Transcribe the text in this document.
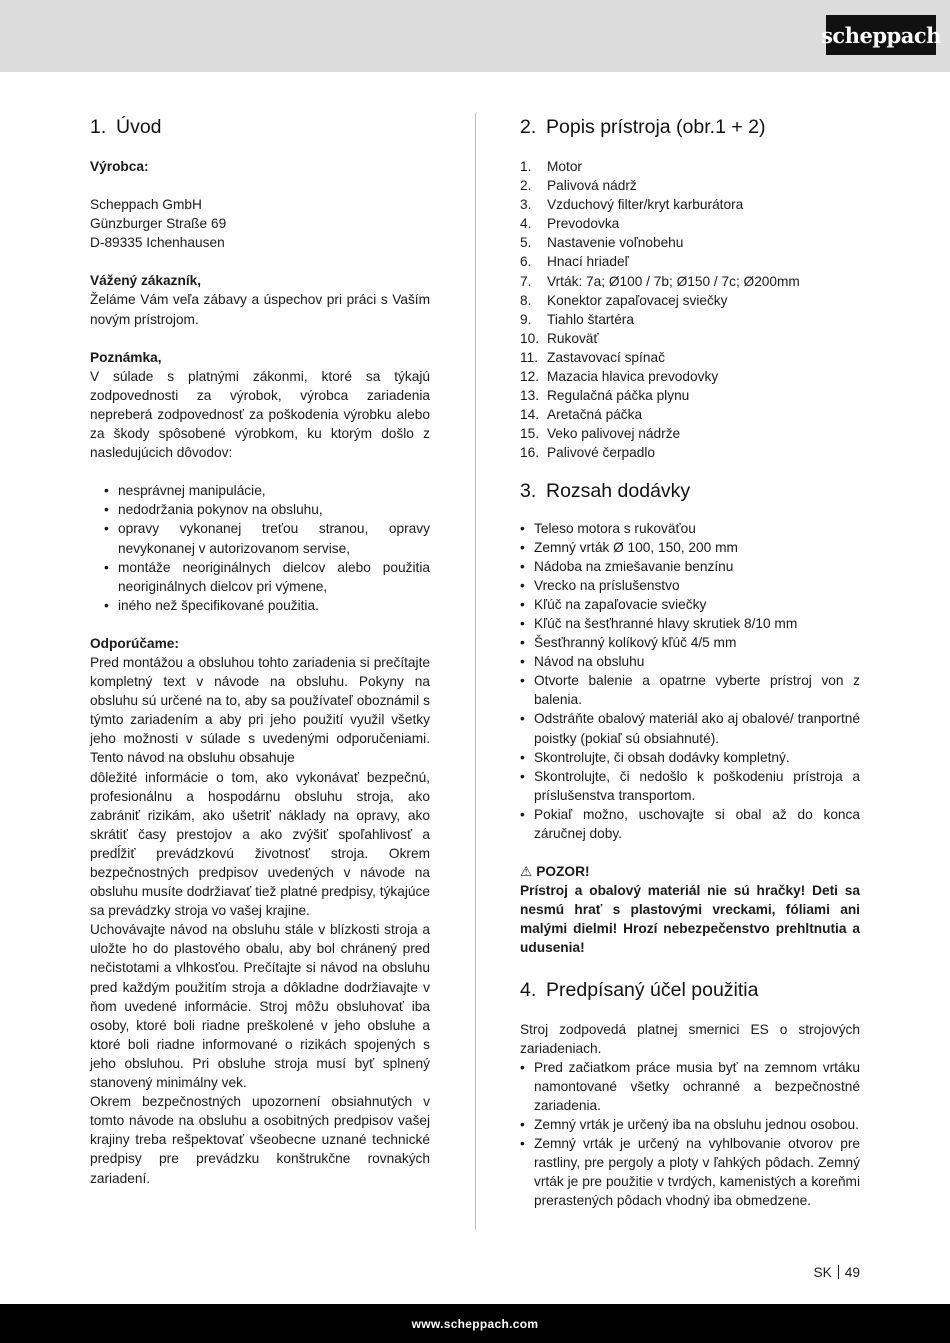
scheppach
1. Úvod

Výrobca:

Scheppach GmbH

Günzburger Straße 69

D-89335 Ichenhausen

Vážený zákazník,

Želáme Vám veľa zábavy a úspechov pri práci s Vaším novým prístrojom.

Poznámka,

V súlade s platnými zákonmi, ktoré sa týkajú zodpovednosti za výrobok, výrobca zariadenia nepreberá zodpovednosť za poškodenia výrobku alebo za škody spôsobené výrobkom, ku ktorým došlo z nasledujúcich dôvodov:

• nesprávnej manipulácie,
• nedodržania pokynov na obsluhu,
• opravy vykonanej treťou stranou, opravy nevykonanej v autorizovanom servise,
• montáže neoriginálnych dielcov alebo použitia neoriginálnych dielcov pri výmene,
• iného než špecifikované použitia.

Odporúčame:

Pred montážou a obsluhou tohto zariadenia si prečítajte kompletný text v návode na obsluhu. Pokyny na obsluhu sú určené na to, aby sa používateľ oboznámil s týmto zariadením a aby pri jeho použití využil všetky jeho možnosti v súlade s uvedenými odporučeniami. Tento návod na obsluhu obsahuje

dôležité informácie o tom, ako vykonávať bezpečnú, profesionálnu a hospodárnu obsluhu stroja, ako zabrániť rizikám, ako ušetriť náklady na opravy, ako skrátiť časy prestojov a ako zvýšiť spoľahlivosť a predĺžiť prevádzkovú životnosť stroja. Okrem bezpečnostných predpisov uvedených v návode na obsluhu musíte dodržiavať tiež platné predpisy, týkajúce sa prevádzky stroja vo vašej krajine.

Uchovávajte návod na obsluhu stále v blízkosti stroja a uložte ho do plastového obalu, aby bol chránený pred nečistotami a vlhkosťou. Prečítajte si návod na obsluhu pred každým použitím stroja a dôkladne dodržiavajte v ňom uvedené informácie. Stroj môžu obsluhovať iba osoby, ktoré boli riadne preškolené v jeho obsluhe a ktoré boli riadne informované o rizikách spojených s jeho obsluhou. Pri obsluhe stroja musí byť splnený stanovený minimálny vek.

Okrem bezpečnostných upozornení obsiahnutých v tomto návode na obsluhu a osobitných predpisov vašej krajiny treba rešpektovať všeobecne uznané technické predpisy pre prevádzku konštrukčne rovnakých zariadení.

2. Popis prístroja (obr.1 + 2)
1.	Motor
2.	Palivová nádrž
3.	Vzduchový filter/kryt karburátora
4.	Prevodovka
5.	Nastavenie voľnobehu
6.	Hnací hriadeľ
7.	Vrták: 7a; Ø100 / 7b; Ø150 / 7c; Ø200mm
8.	Konektor zapaľovacej sviečky
9.	Tiahlo štartéra
10. Rukoväť
11. Zastavovací spínač
12. Mazacia hlavica prevodovky
13. Regulačná páčka plynu
14. Aretačná páčka
15. Veko palivovej nádrže
16. Palivové čerpadlo
3. Rozsah dodávky
• Teleso motora s rukoväťou
• Zemný vrták Ø 100, 150, 200 mm
• Nádoba na zmiešavanie benzínu
• Vrecko na príslušenstvo
• Kľúč na zapaľovacie sviečky
• Kľúč na šesťhranné hlavy skrutiek 8/10 mm
• Šesťhranný kolíkový kľúč 4/5 mm
• Návod na obsluhu
• Otvorte balenie a opatrne vyberte prístroj von z balenia.
• Odstráňte obalový materiál ako aj obalové/ tranportné poistky (pokiaľ sú obsiahnuté).
• Skontrolujte, či obsah dodávky kompletný.
• Skontrolujte, či nedošlo k poškodeniu prístroja a príslušenstva transportom.
• Pokiaľ možno, uschovajte si obal až do konca záručnej doby.

⚠ POZOR!

Prístroj a obalový materiál nie sú hračky! Deti sa nesmú hrať s plastovými vreckami, fóliami ani malými dielmi! Hrozí nebezpečenstvo prehltnutia a udusenia!

4. Predpísaný účel použitia

Stroj zodpovedá platnej smernici ES o strojových zariadeniach.

• Pred začiatkom práce musia byť na zemnom vrtáku namontované všetky ochranné a bezpečnostné zariadenia.
• Zemný vrták je určený iba na obsluhu jednou osobou.
• Zemný vrták je určený na vyhlbovanie otvorov pre rastliny, pre pergoly a ploty v ľahkých pôdach. Zemný vrták je pre použitie v tvrdých, kamenistých a koreňmi prerastených pôdach vhodný iba obmedzene.
SK 49
www.scheppach.com
